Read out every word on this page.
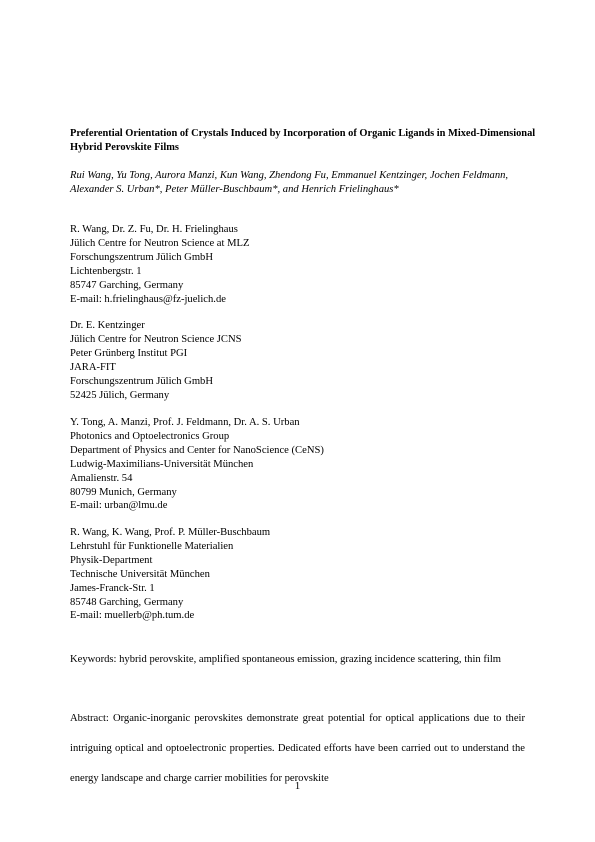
Preferential Orientation of Crystals Induced by Incorporation of Organic Ligands in Mixed-Dimensional Hybrid Perovskite Films
Rui Wang, Yu Tong, Aurora Manzi, Kun Wang, Zhendong Fu, Emmanuel Kentzinger, Jochen Feldmann, Alexander S. Urban*, Peter Müller-Buschbaum*, and Henrich Frielinghaus*
R. Wang, Dr. Z. Fu, Dr. H. Frielinghaus
Jülich Centre for Neutron Science at MLZ
Forschungszentrum Jülich GmbH
Lichtenbergstr. 1
85747 Garching, Germany
E-mail: h.frielinghaus@fz-juelich.de
Dr. E. Kentzinger
Jülich Centre for Neutron Science JCNS
Peter Grünberg Institut PGI
JARA-FIT
Forschungszentrum Jülich GmbH
52425 Jülich, Germany
Y. Tong, A. Manzi, Prof. J. Feldmann, Dr. A. S. Urban
Photonics and Optoelectronics Group
Department of Physics and Center for NanoScience (CeNS)
Ludwig-Maximilians-Universität München
Amalienstr. 54
80799 Munich, Germany
E-mail: urban@lmu.de
R. Wang, K. Wang, Prof. P. Müller-Buschbaum
Lehrstuhl für Funktionelle Materialien
Physik-Department
Technische Universität München
James-Franck-Str. 1
85748 Garching, Germany
E-mail: muellerb@ph.tum.de
Keywords: hybrid perovskite, amplified spontaneous emission, grazing incidence scattering, thin film
Abstract: Organic-inorganic perovskites demonstrate great potential for optical applications due to their intriguing optical and optoelectronic properties. Dedicated efforts have been carried out to understand the energy landscape and charge carrier mobilities for perovskite
1
